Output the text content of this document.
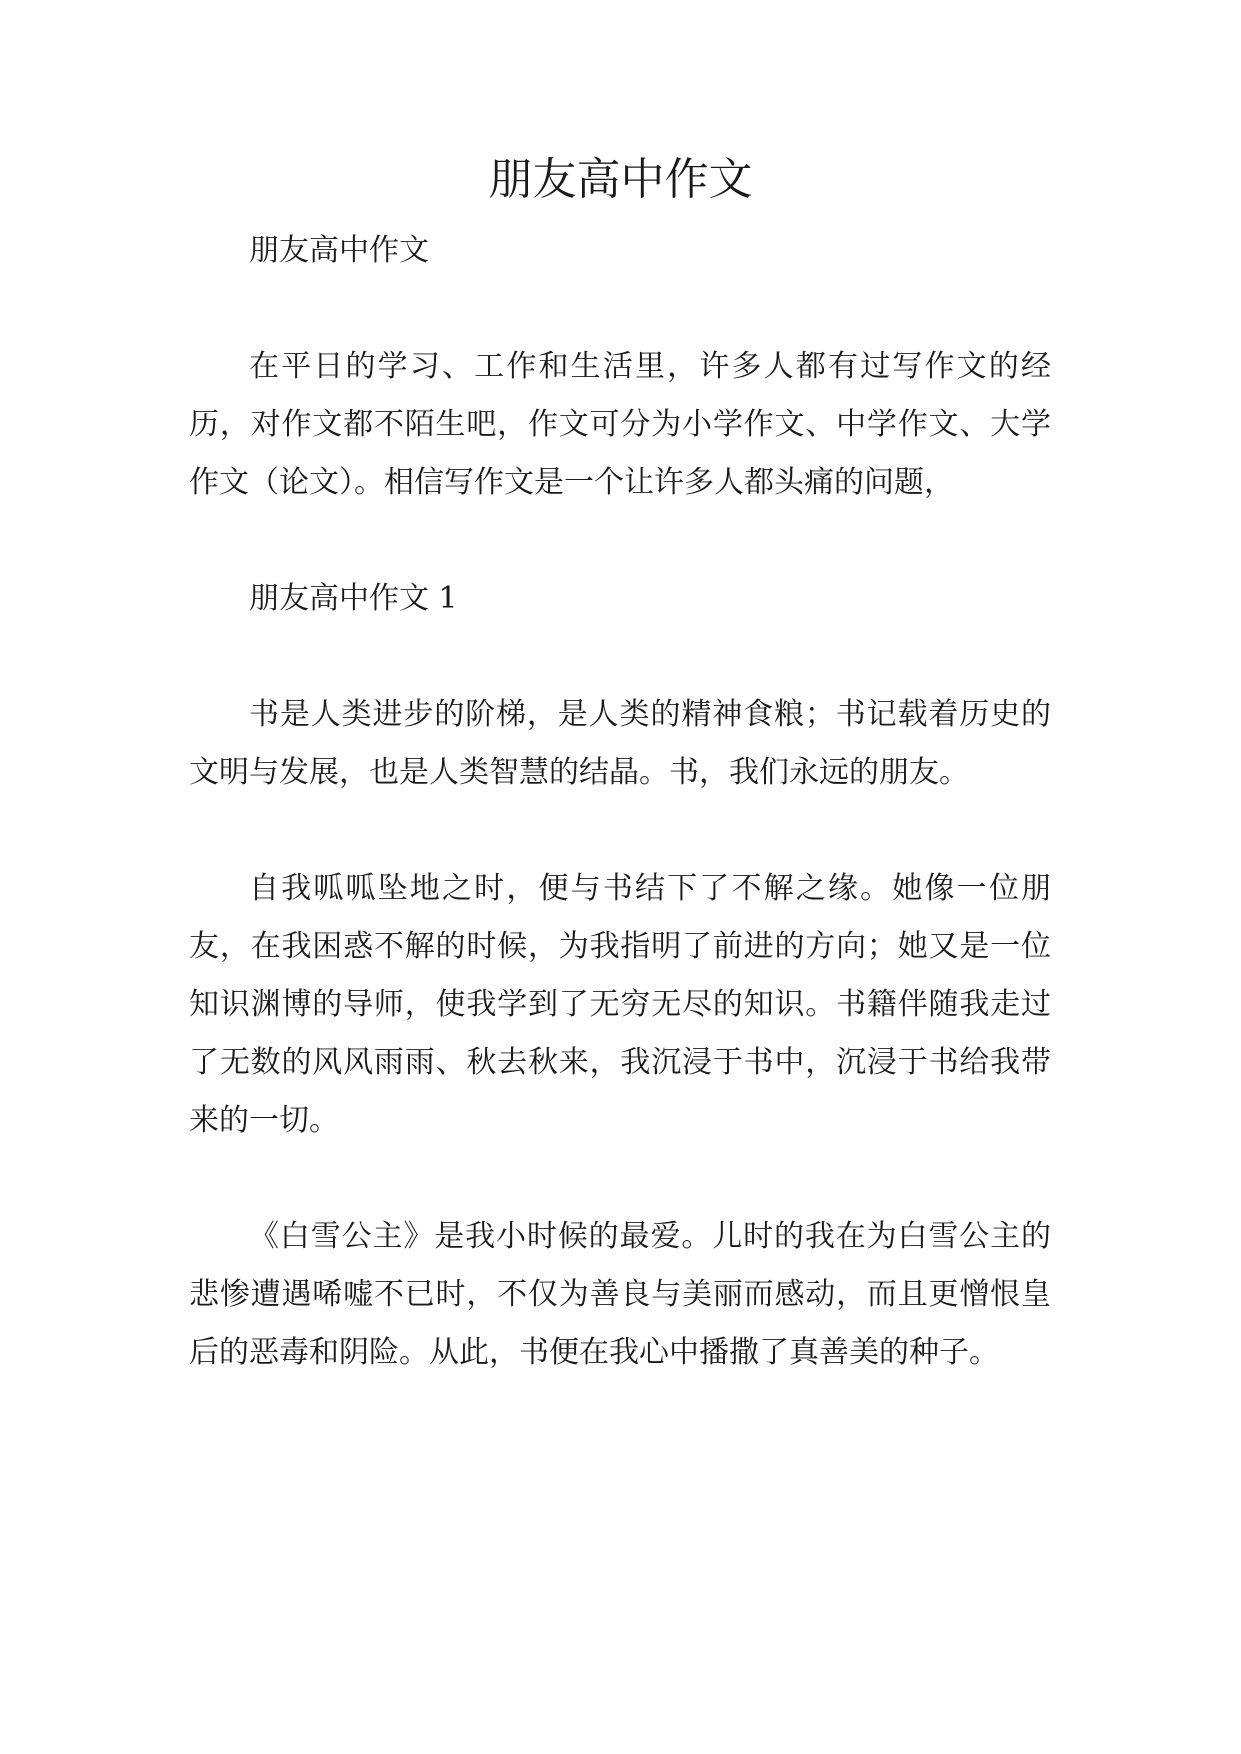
朋友高中作文

朋友高中作文

在平日的学习、工作和生活里，许多人都有过写作文的经历，对作文都不陌生吧，作文可分为小学作文、中学作文、大学作文（论文）。相信写作文是一个让许多人都头痛的问题，

朋友高中作文 1

书是人类进步的阶梯，是人类的精神食粮；书记载着历史的文明与发展，也是人类智慧的结晶。书，我们永远的朋友。

自我呱呱坠地之时，便与书结下了不解之缘。她像一位朋友，在我困惑不解的时候，为我指明了前进的方向；她又是一位知识渊博的导师，使我学到了无穷无尽的知识。书籍伴随我走过了无数的风风雨雨、秋去秋来，我沉浸于书中，沉浸于书给我带来的一切。

《白雪公主》是我小时候的最爱。儿时的我在为白雪公主的悲惨遭遇唏嘘不已时，不仅为善良与美丽而感动，而且更憎恨皇后的恶毒和阴险。从此，书便在我心中播撒了真善美的种子。
